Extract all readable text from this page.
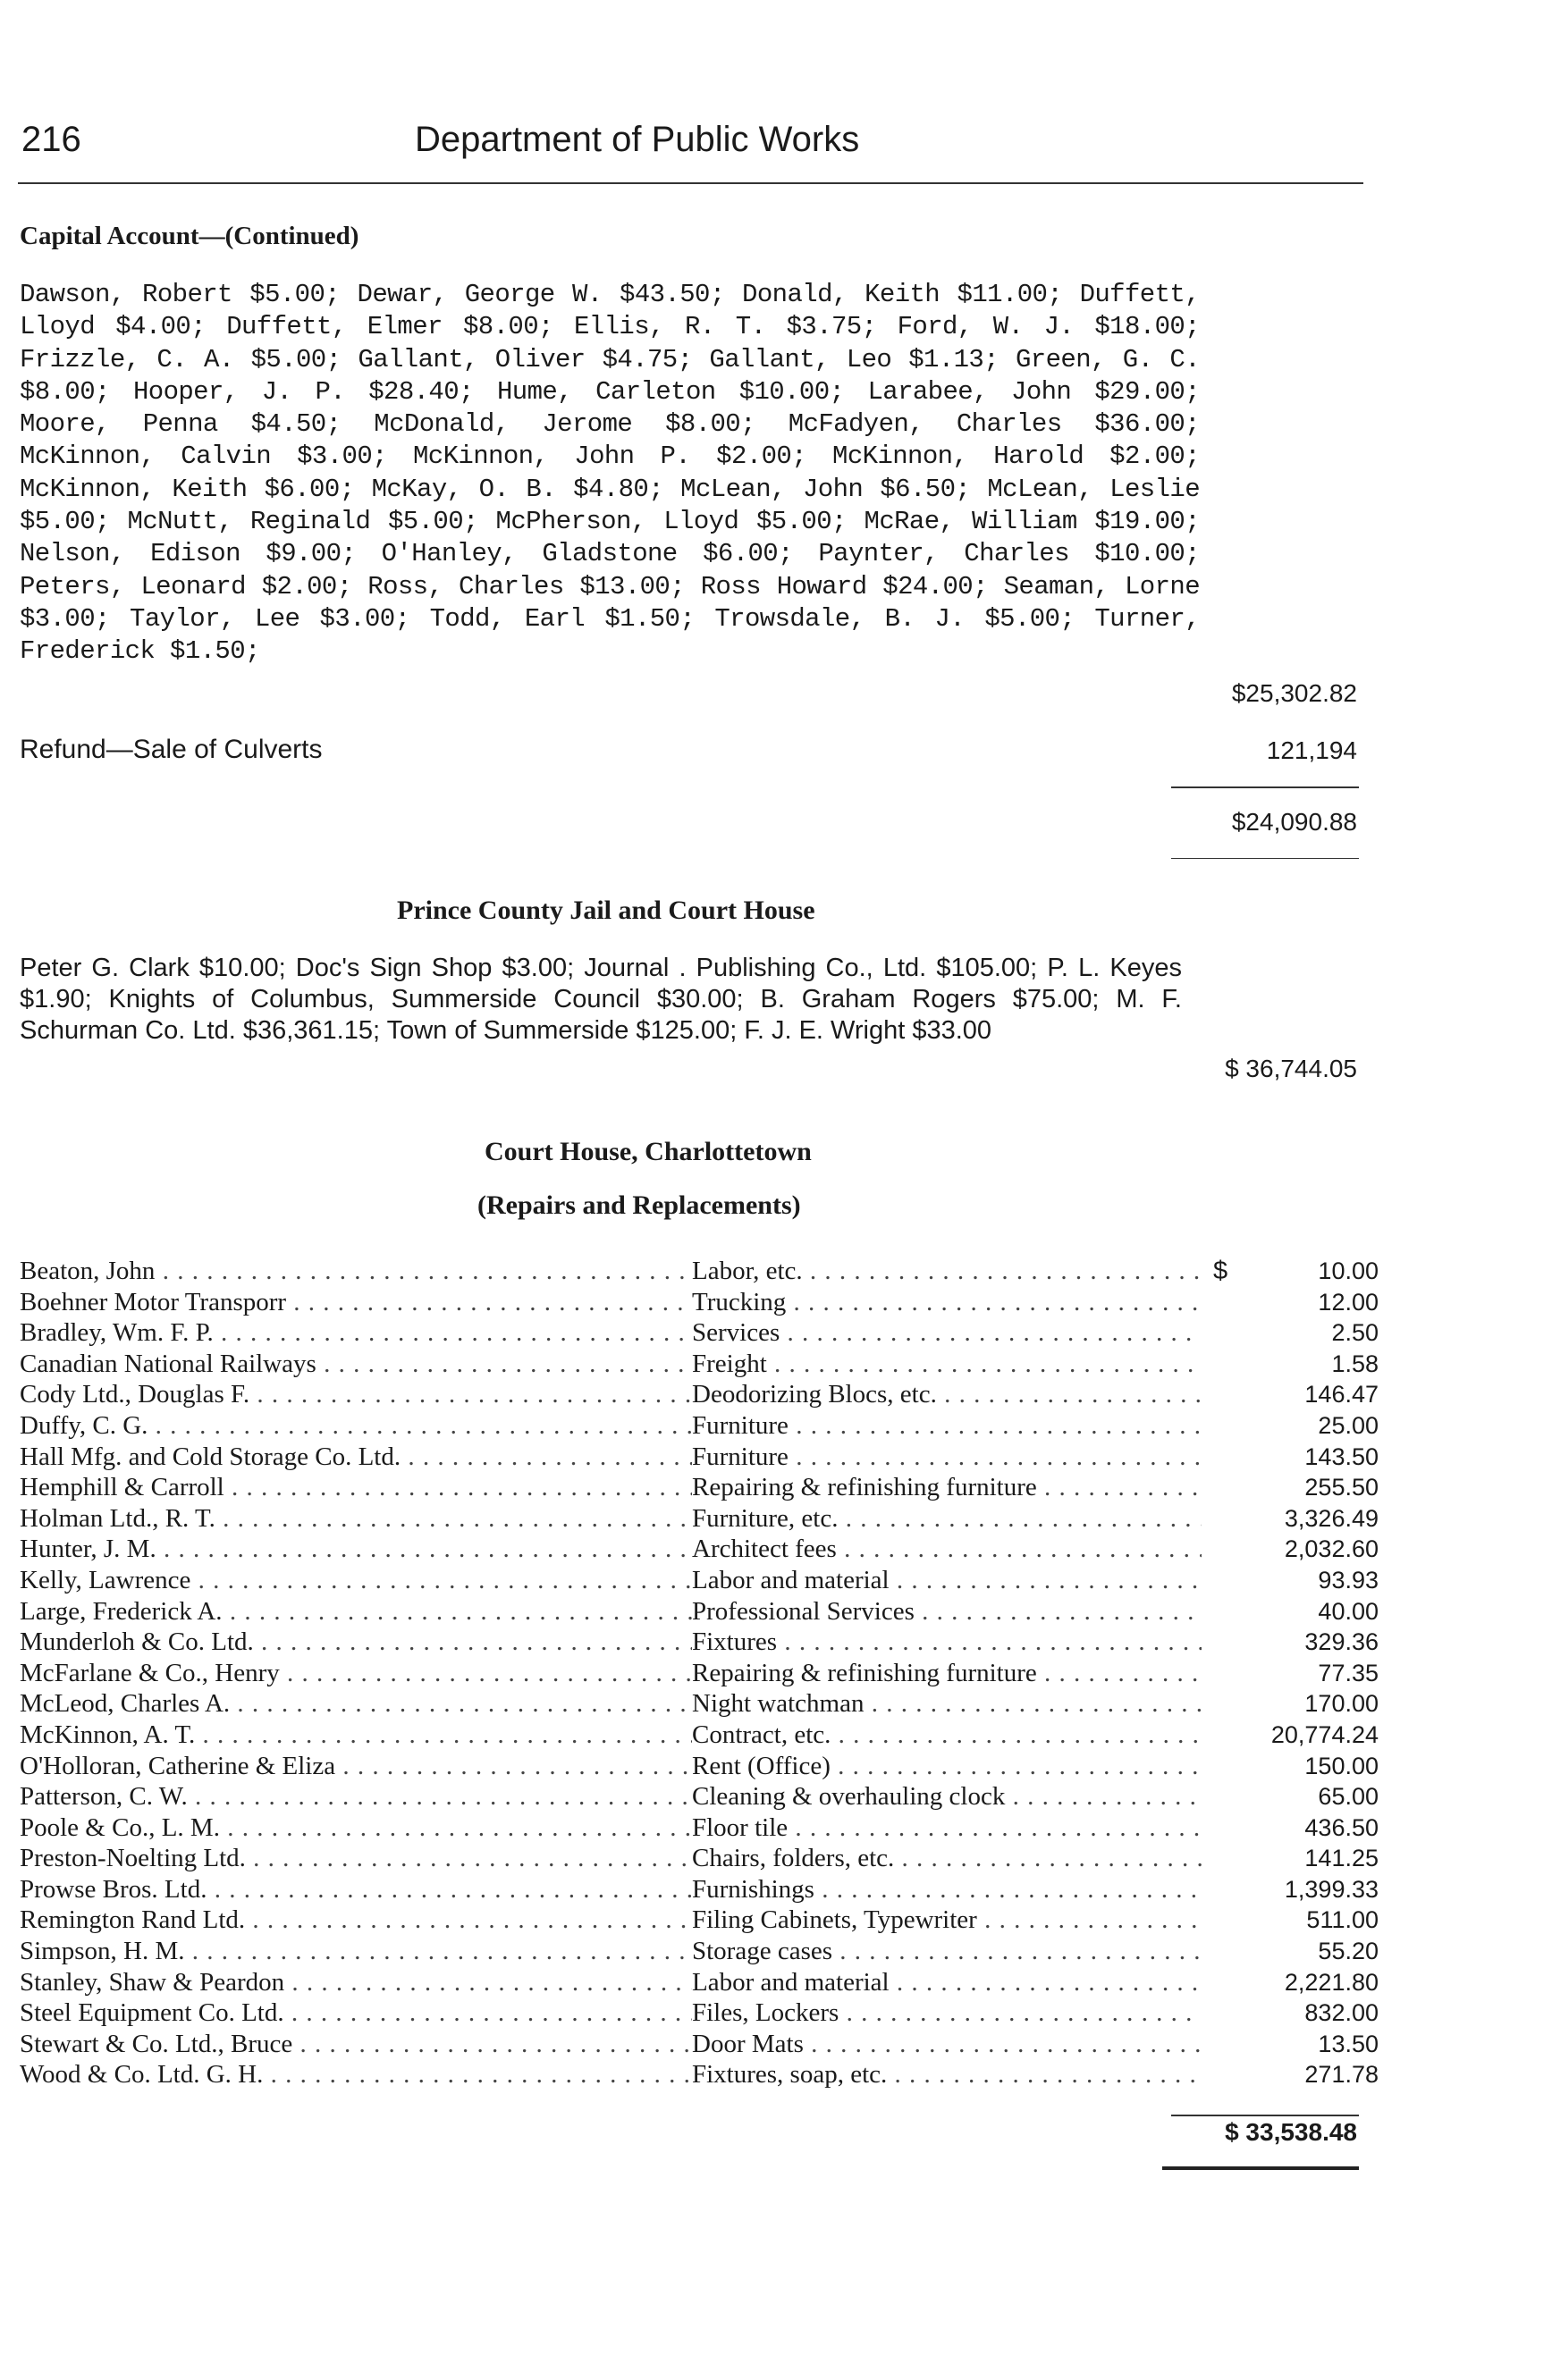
216	Department of Public Works
Capital Account—(Continued)
Dawson, Robert $5.00; Dewar, George W. $43.50; Donald, Keith $11.00; Duffett, Lloyd $4.00; Duffett, Elmer $8.00; Ellis, R. T. $3.75; Ford, W. J. $18.00; Frizzle, C. A. $5.00; Gallant, Oliver $4.75; Gallant, Leo $1.13; Green, G. C. $8.00; Hooper, J. P. $28.40; Hume, Carleton $10.00; Larabee, John $29.00; Moore, Penna $4.50; McDonald, Jerome $8.00; McFadyen, Charles $36.00; McKinnon, Calvin $3.00; McKinnon, John P. $2.00; McKinnon, Harold $2.00; McKinnon, Keith $6.00; McKay, O. B. $4.80; McLean, John $6.50; McLean, Leslie $5.00; McNutt, Reginald $5.00; McPherson, Lloyd $5.00; McRae, William $19.00; Nelson, Edison $9.00; O'Hanley, Gladstone $6.00; Paynter, Charles $10.00; Peters, Leonard $2.00; Ross, Charles $13.00; Ross Howard $24.00; Seaman, Lorne $3.00; Taylor, Lee $3.00; Todd, Earl $1.50; Trowsdale, B. J. $5.00; Turner, Frederick $1.50;
$25,302.82
Refund—Sale of Culverts	121,194
$24,090.88
Prince County Jail and Court House
Peter G. Clark $10.00; Doc's Sign Shop $3.00; Journal . Publishing Co., Ltd. $105.00; P. L. Keyes $1.90; Knights of Columbus, Summerside Council $30.00; B. Graham Rogers $75.00; M. F. Schurman Co. Ltd. $36,361.15; Town of Summerside $125.00; F. J. E. Wright $33.00
$ 36,744.05
Court House, Charlottetown
(Repairs and Replacements)
Beaton, John . . .	Labor, etc. . . .	$	10.00
Boehner Motor Transporr . . .	Trucking . . .	12.00
Bradley, Wm. F. P. . . .	Services . . .	2.50
Canadian National Railways . . .	Freight . . .	1.58
Cody Ltd., Douglas F. . . .	Deodorizing Blocs, etc. . . .	146.47
Duffy, C. G. . . .	Furniture . . .	25.00
Hall Mfg. and Cold Storage Co. Ltd. . . .	Furniture . . .	143.50
Hemphill & Carroll . . .	Repairing & refinishing furniture . . .	255.50
Holman Ltd., R. T. . . .	Furniture, etc. . . .	3,326.49
Hunter, J. M. . . .	Architect fees . . .	2,032.60
Kelly, Lawrence . . .	Labor and material . . .	93.93
Large, Frederick A. . . .	Professional Services . . .	40.00
Munderloh & Co. Ltd. . . .	Fixtures . . .	329.36
McFarlane & Co., Henry . . .	Repairing & refinishing furniture . . .	77.35
McLeod, Charles A. . . .	Night watchman . . .	170.00
McKinnon, A. T. . . .	Contract, etc. . . .	20,774.24
O'Holloran, Catherine & Eliza . . .	Rent (Office) . . .	150.00
Patterson, C. W. . . .	Cleaning & overhauling clock . . .	65.00
Poole & Co., L. M. . . .	Floor tile . . .	436.50
Preston-Noelting Ltd. . . .	Chairs, folders, etc. . . .	141.25
Prowse Bros. Ltd. . . .	Furnishings . . .	1,399.33
Remington Rand Ltd. . . .	Filing Cabinets, Typewriter . . .	511.00
Simpson, H. M. . . .	Storage cases . . .	55.20
Stanley, Shaw & Peardon . . .	Labor and material . . .	2,221.80
Steel Equipment Co. Ltd. . . .	Files, Lockers . . .	832.00
Stewart & Co. Ltd., Bruce . . .	Door Mats . . .	13.50
Wood & Co. Ltd. G. H. . . .	Fixtures, soap, etc. . . .	271.78
$ 33,538.48
